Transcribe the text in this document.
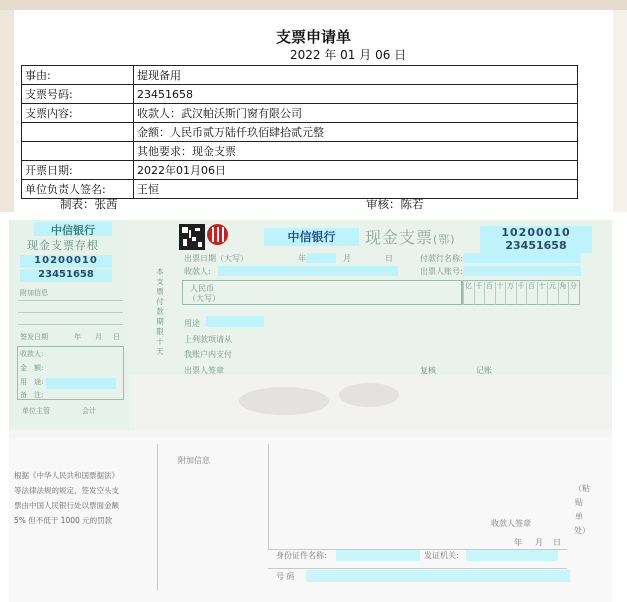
支票申请单
2022 年 01 月 06 日
事由:	提现备用
支票号码:	23451658
支票内容:	收款人：武汉帕沃斯门窗有限公司
	金额：人民币贰万陆仟玖佰肆拾贰元整
	其他要求：现金支票
开票日期:	2022年01月06日
单位负责人签名:	王恒
制表：张茜	审核：陈若
中信银行
现金支票存根
10200010
23451658
附加信息
签发日期	年 月 日
收款人:
金　额:
用　途:
备　注:
单位主管	会计
本支票付款期限十天
中信银行	现金支票(鄂)
10200010
23451658
出票日期（大写）	年	月	日	付款行名称:
收款人:	出票人账号:
人民币
（大写）
亿 千 百 十 万 千 百 十 元 角 分
用途
上列款项请从
我账户内支付
出票人签章	复核	记账
根据《中华人民共和国票据法》等法律法规的规定，签发空头支票由中国人民银行处以票面金额 5% 但不低于 1000 元的罚款
附加信息
收款人签章
年 月 日
身份证件名称:	发证机关:
号 码
（粘贴单处）
